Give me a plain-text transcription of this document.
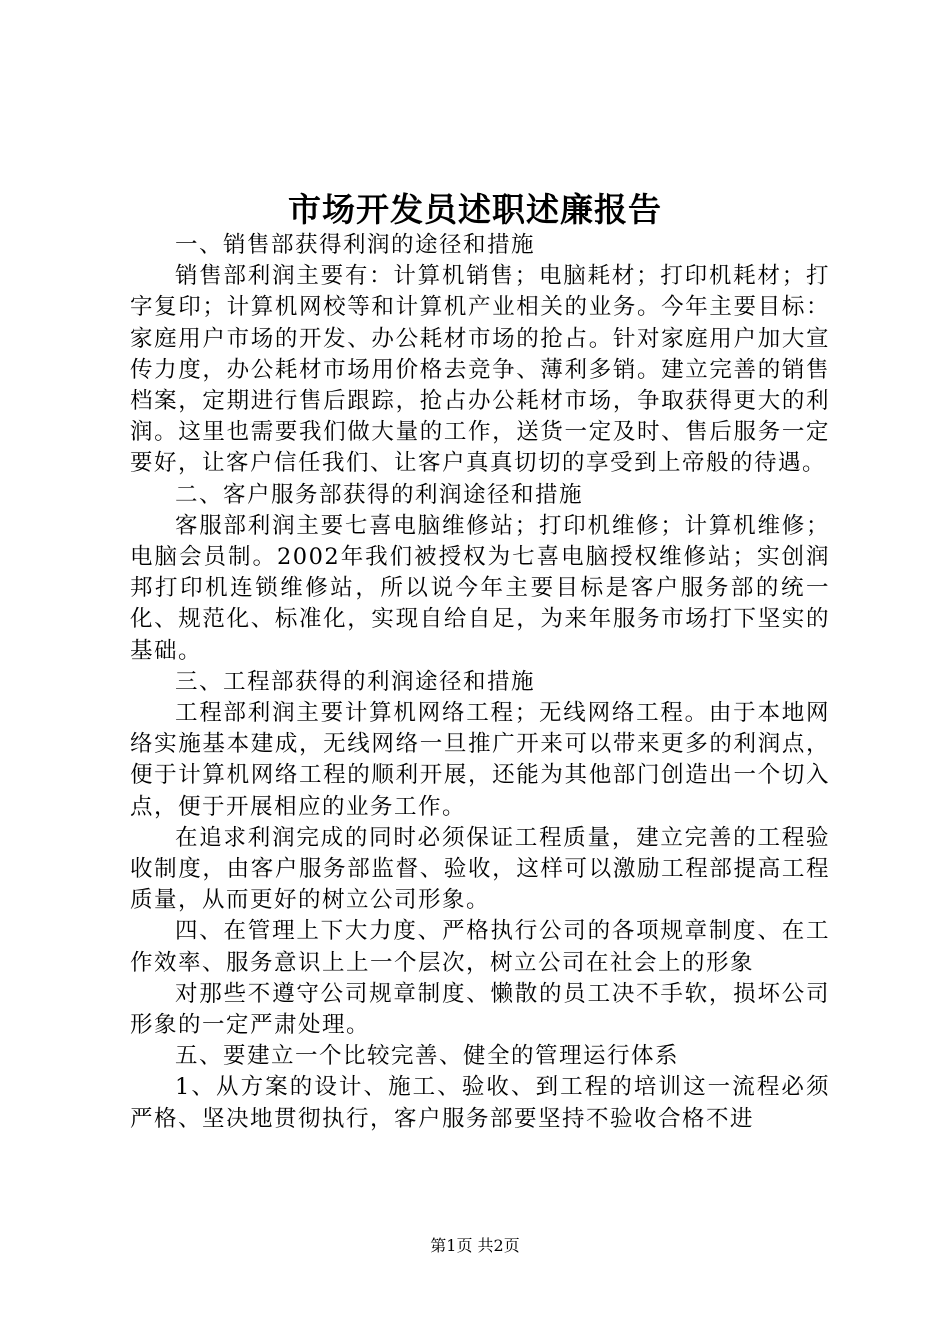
市场开发员述职述廉报告

一、销售部获得利润的途径和措施

销售部利润主要有：计算机销售；电脑耗材；打印机耗材；打字复印；计算机网校等和计算机产业相关的业务。今年主要目标：家庭用户市场的开发、办公耗材市场的抢占。针对家庭用户加大宣传力度，办公耗材市场用价格去竞争、薄利多销。建立完善的销售档案，定期进行售后跟踪，抢占办公耗材市场，争取获得更大的利润。这里也需要我们做大量的工作，送货一定及时、售后服务一定要好，让客户信任我们、让客户真真切切的享受到上帝般的待遇。

二、客户服务部获得的利润途径和措施

客服部利润主要七喜电脑维修站；打印机维修；计算机维修；电脑会员制。2002年我们被授权为七喜电脑授权维修站；实创润邦打印机连锁维修站，所以说今年主要目标是客户服务部的统一化、规范化、标准化，实现自给自足，为来年服务市场打下坚实的基础。

三、工程部获得的利润途径和措施

工程部利润主要计算机网络工程；无线网络工程。由于本地网络实施基本建成，无线网络一旦推广开来可以带来更多的利润点，便于计算机网络工程的顺利开展，还能为其他部门创造出一个切入点，便于开展相应的业务工作。

在追求利润完成的同时必须保证工程质量，建立完善的工程验收制度，由客户服务部监督、验收，这样可以激励工程部提高工程质量，从而更好的树立公司形象。

四、在管理上下大力度、严格执行公司的各项规章制度、在工作效率、服务意识上上一个层次，树立公司在社会上的形象

对那些不遵守公司规章制度、懒散的员工决不手软，损坏公司形象的一定严肃处理。

五、要建立一个比较完善、健全的管理运行体系

1、从方案的设计、施工、验收、到工程的培训这一流程必须严格、坚决地贯彻执行，客户服务部要坚持不验收合格不进

第1页 共2页
